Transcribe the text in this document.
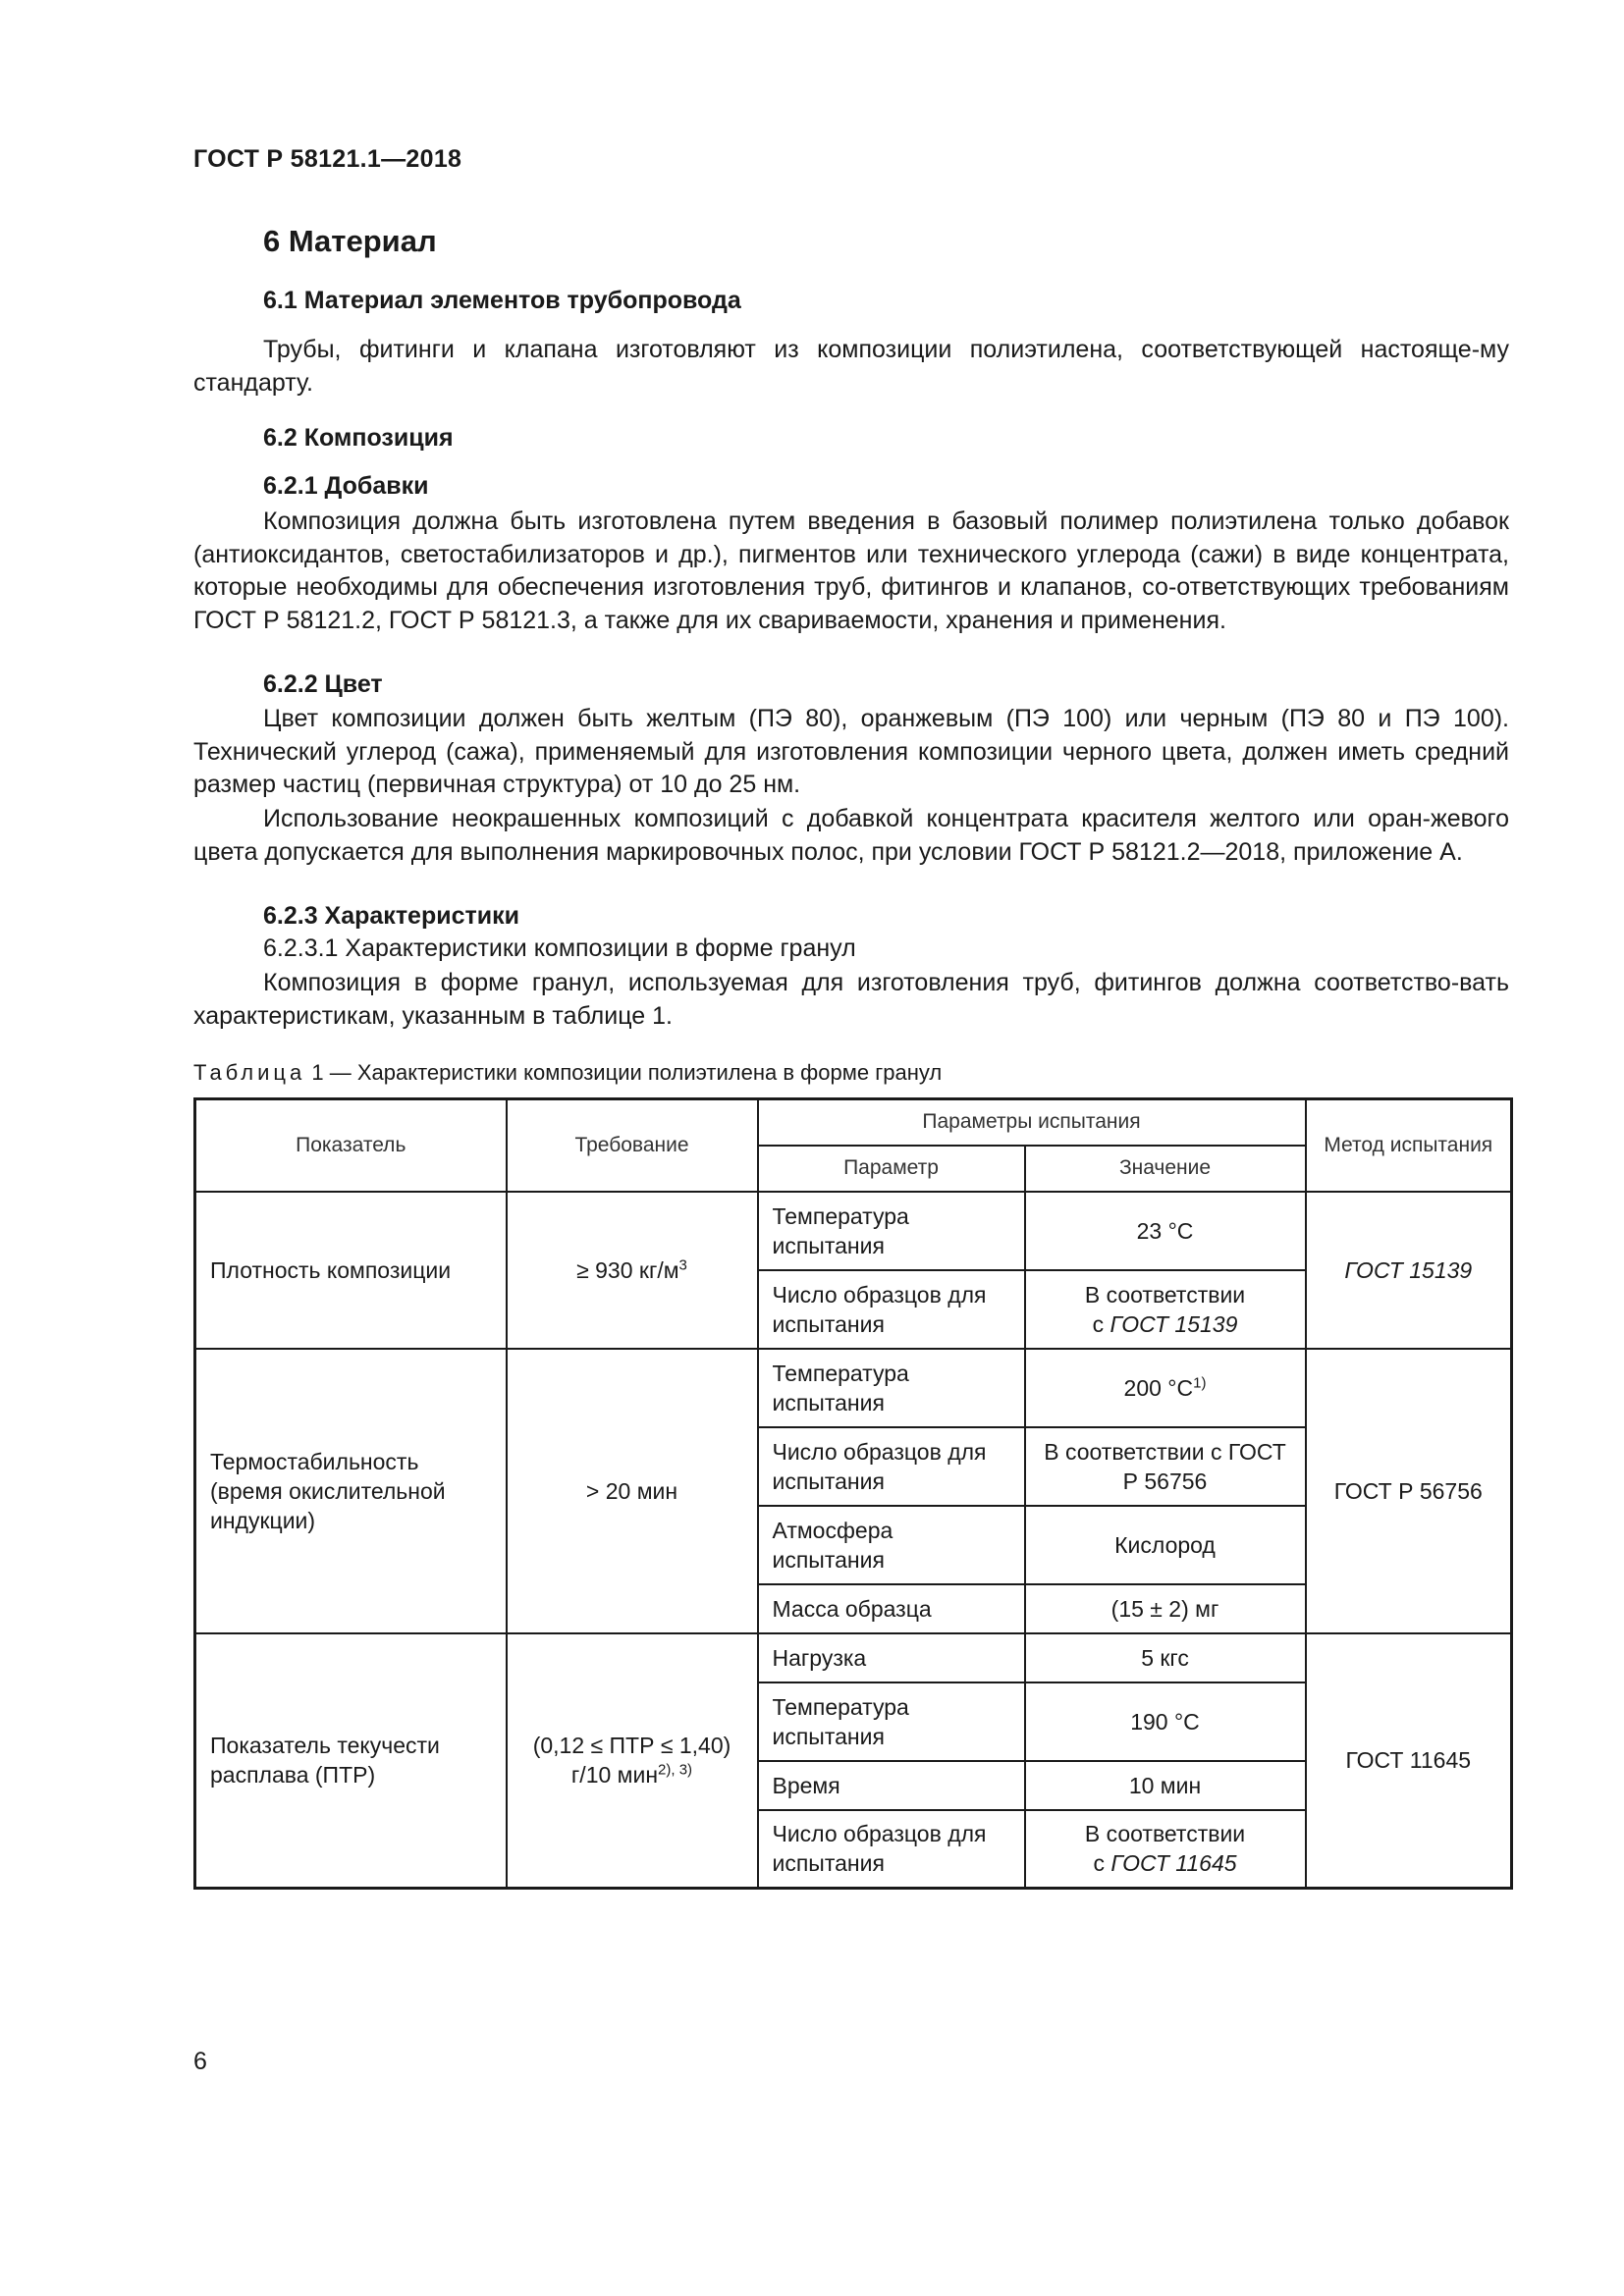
ГОСТ Р 58121.1—2018
6 Материал
6.1 Материал элементов трубопровода
Трубы, фитинги и клапана изготовляют из композиции полиэтилена, соответствующей настояще-му стандарту.
6.2 Композиция
6.2.1 Добавки
Композиция должна быть изготовлена путем введения в базовый полимер полиэтилена только добавок (антиоксидантов, светостабилизаторов и др.), пигментов или технического углерода (сажи) в виде концентрата, которые необходимы для обеспечения изготовления труб, фитингов и клапанов, со-ответствующих требованиям ГОСТ Р 58121.2, ГОСТ Р 58121.3, а также для их свариваемости, хранения и применения.
6.2.2 Цвет
Цвет композиции должен быть желтым (ПЭ 80), оранжевым (ПЭ 100) или черным (ПЭ 80 и ПЭ 100). Технический углерод (сажа), применяемый для изготовления композиции черного цвета, должен иметь средний размер частиц (первичная структура) от 10 до 25 нм.
Использование неокрашенных композиций с добавкой концентрата красителя желтого или оран-жевого цвета допускается для выполнения маркировочных полос, при условии ГОСТ Р 58121.2—2018, приложение А.
6.2.3 Характеристики
6.2.3.1 Характеристики композиции в форме гранул
Композиция в форме гранул, используемая для изготовления труб, фитингов должна соответство-вать характеристикам, указанным в таблице 1.
Таблица 1 — Характеристики композиции полиэтилена в форме гранул
Показатель	Требование	Параметры испытания		Метод испытания
		Параметр	Значение	
Плотность композиции	≥ 930 $кг/м^3$	Температура испытания	23 °C	ГОСТ 15139
		Число образцов для испытания	В соответствии
с ГОСТ 15139	
Термостабильность (время окислительной индукции)	> 20 мин	Температура испытания	200 $^\circ C^{1)}$	ГОСТ Р 56756
		Число образцов для испытания	В соответствии с ГОСТ Р 56756	
		Атмосфера испытания	Кислород	
		Масса образца	(15 ± 2) мг	
Показатель текучести расплава (ПТР)	(0,12 ≤ ПТР ≤ 1,40)
г/10 мин$^{2), 3)}$	Нагрузка	5 кгс	ГОСТ 11645
		Температура испытания	190 °C	
		Время	10 мин	
		Число образцов для испытания	В соответствии
с ГОСТ 11645	
6
